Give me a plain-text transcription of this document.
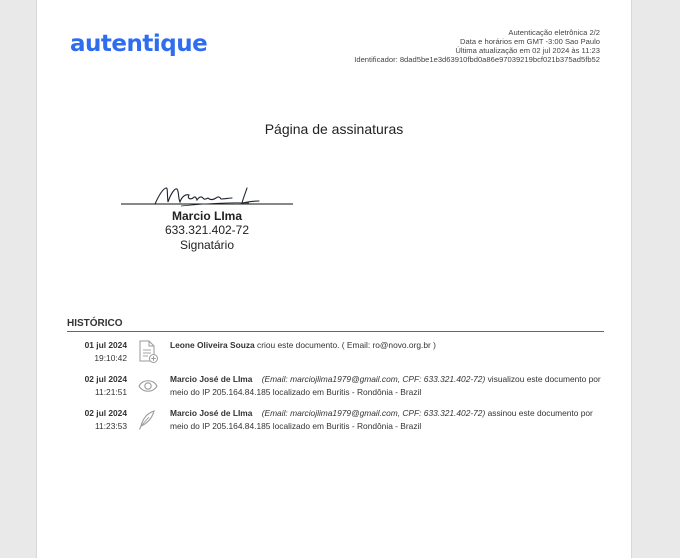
autentique	Autenticação eletrônica 2/2
Data e horários em GMT -3:00 Sao Paulo
Última atualização em 02 jul 2024 às 11:23
Identificador: 8dad5be1e3d63910fbd0a86e97039219bcf021b375ad5fb52
Página de assinaturas
Marcio LIma
633.321.402-72
Signatário
HISTÓRICO
01 jul 2024
19:10:42
Leone Oliveira Souza criou este documento. ( Email: ro@novo.org.br )
02 jul 2024
11:21:51
Marcio José de LIma (Email: marciojlima1979@gmail.com, CPF: 633.321.402-72) visualizou este documento por meio do IP 205.164.84.185 localizado em Buritis - Rondônia - Brazil
02 jul 2024
11:23:53
Marcio José de LIma (Email: marciojlima1979@gmail.com, CPF: 633.321.402-72) assinou este documento por meio do IP 205.164.84.185 localizado em Buritis - Rondônia - Brazil
